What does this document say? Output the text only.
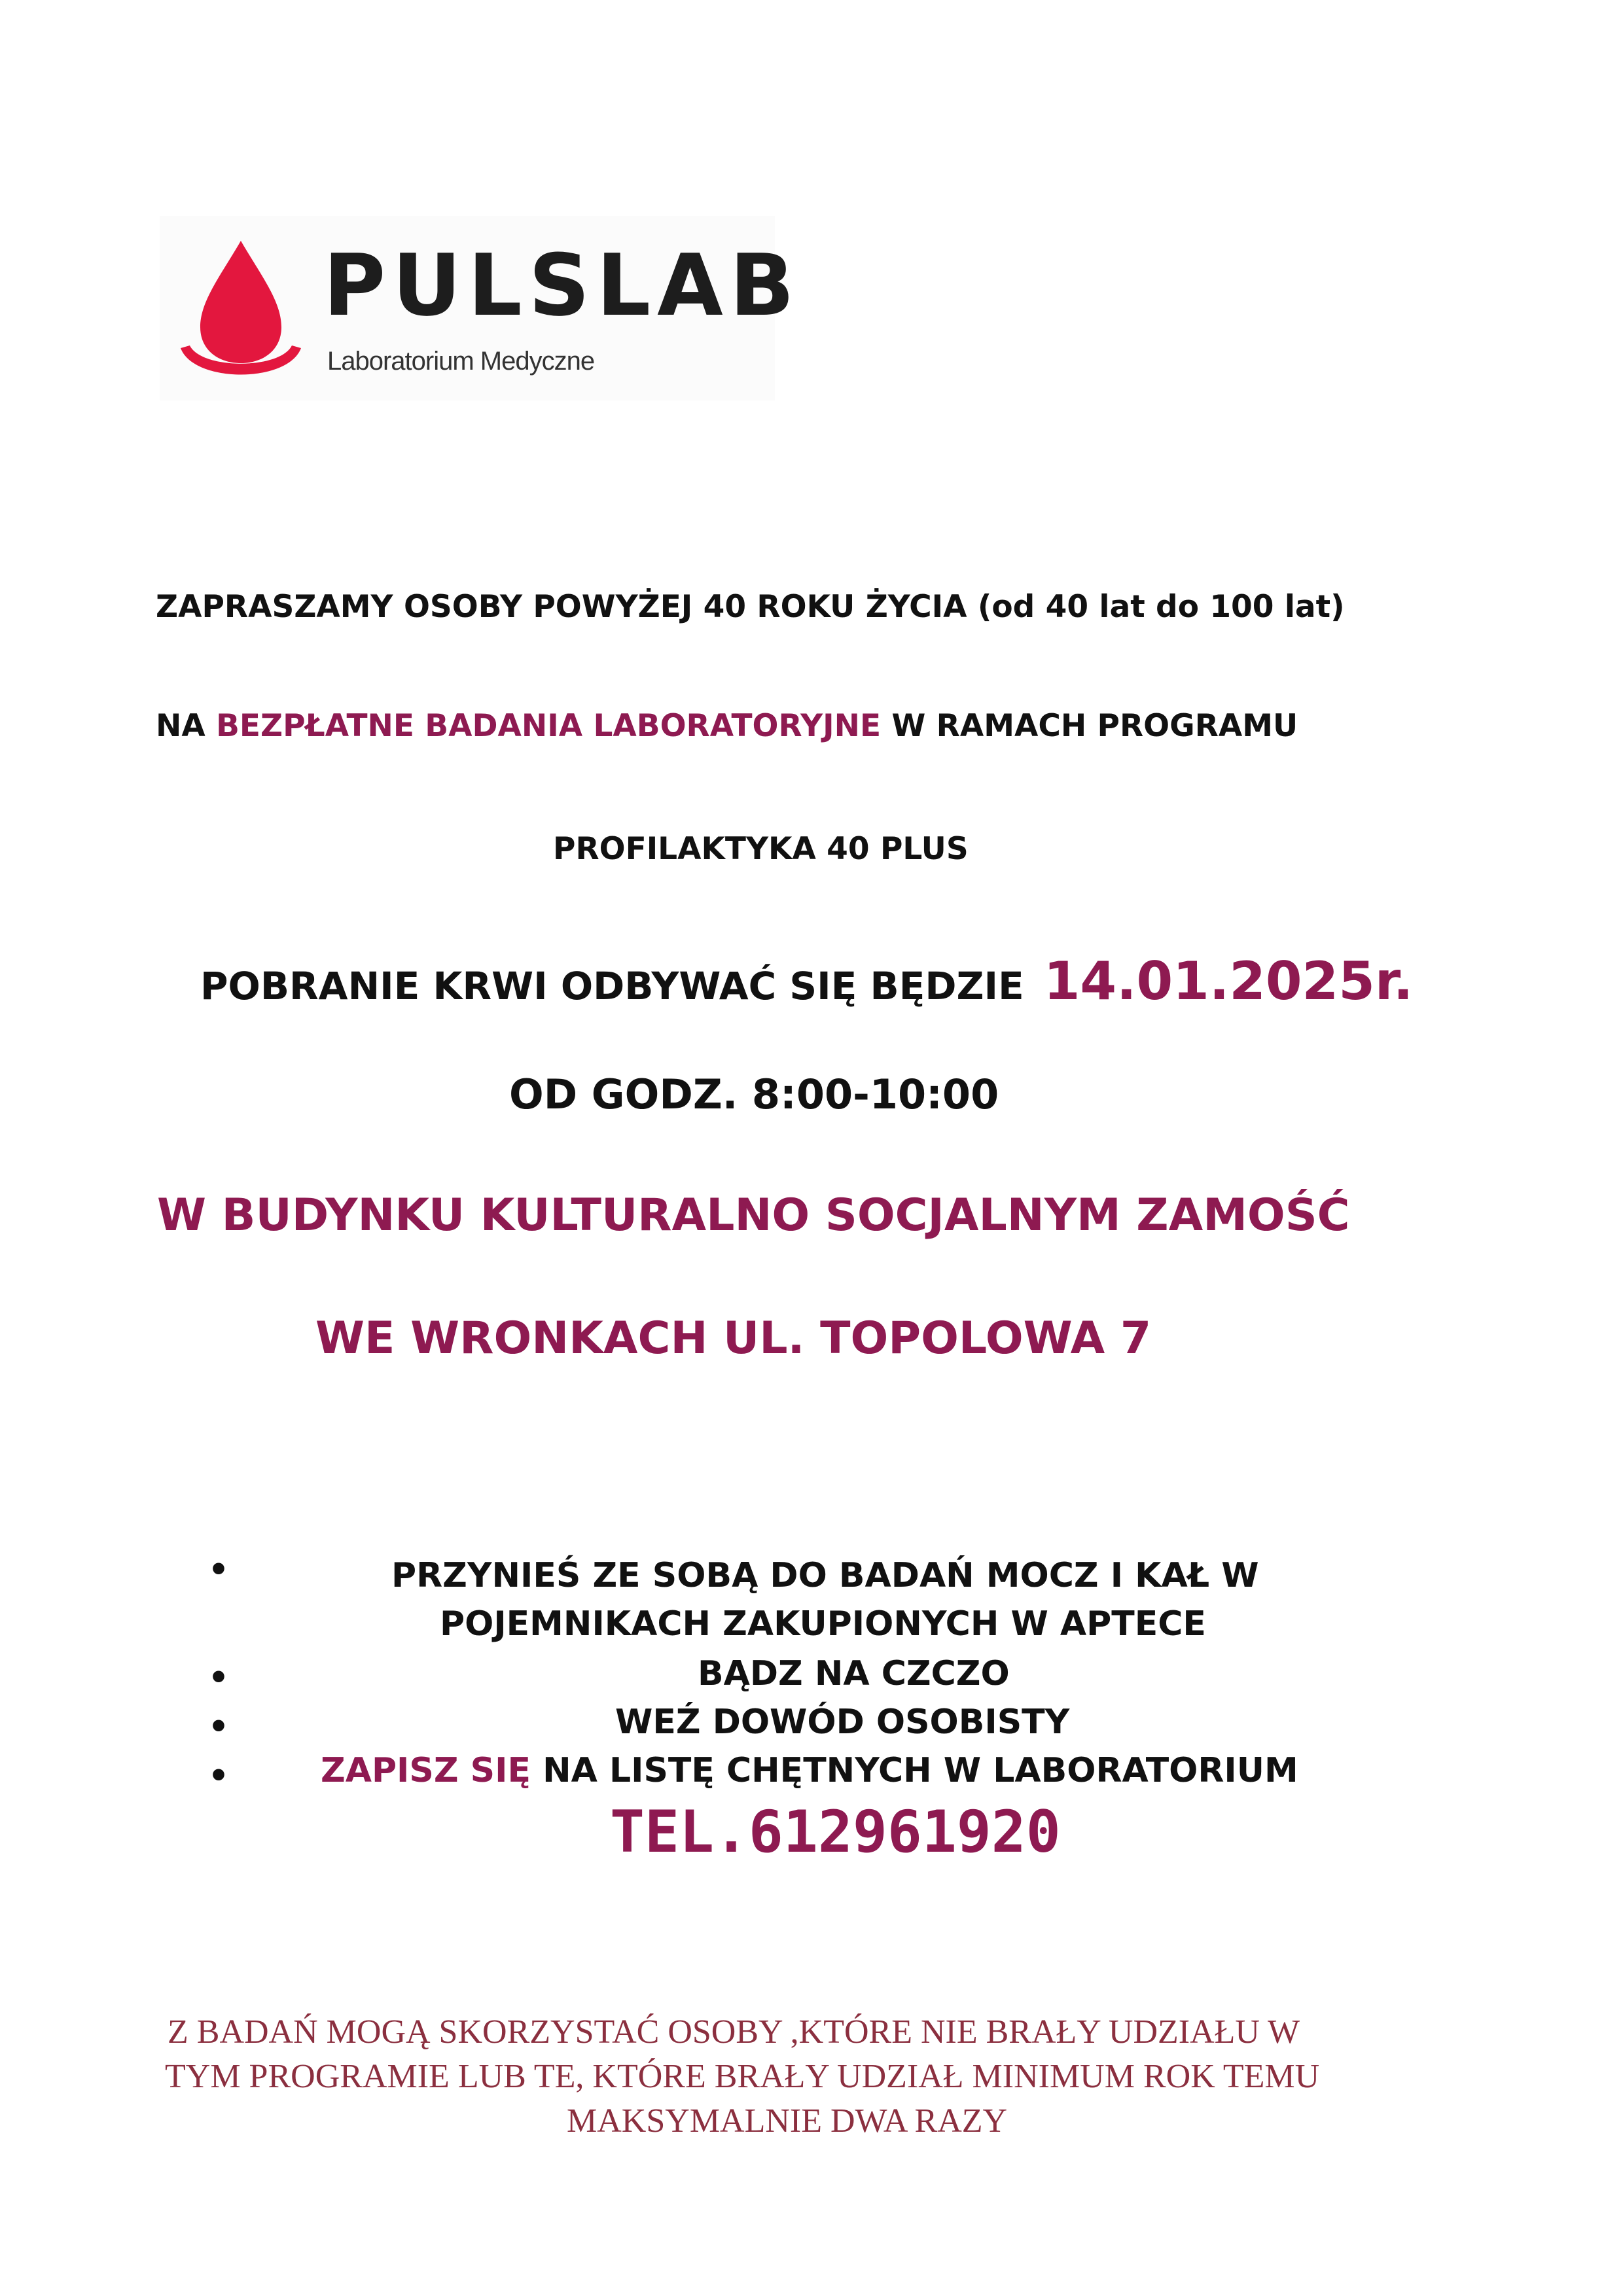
PULSLAB
Laboratorium Medyczne
ZAPRASZAMY OSOBY POWYŻEJ 40 ROKU ŻYCIA (od 40 lat do 100 lat)
NA BEZPŁATNE BADANIA LABORATORYJNE W RAMACH PROGRAMU
PROFILAKTYKA 40 PLUS
POBRANIE KRWI ODBYWAĆ SIĘ BĘDZIE 14.01.2025r.
OD GODZ. 8:00-10:00
W BUDYNKU KULTURALNO SOCJALNYM ZAMOŚĆ
WE WRONKACH UL. TOPOLOWA 7
•
•
•
•
PRZYNIEŚ ZE SOBĄ DO BADAŃ MOCZ I KAŁ W
POJEMNIKACH ZAKUPIONYCH W APTECE
BĄDZ NA CZCZO
WEŹ DOWÓD OSOBISTY
ZAPISZ SIĘ NA LISTĘ CHĘTNYCH W LABORATORIUM
TEL.612961920
Z BADAŃ MOGĄ SKORZYSTAĆ OSOBY ,KTÓRE NIE BRAŁY UDZIAŁU W
TYM PROGRAMIE LUB TE, KTÓRE BRAŁY UDZIAŁ MINIMUM ROK TEMU
MAKSYMALNIE DWA RAZY
